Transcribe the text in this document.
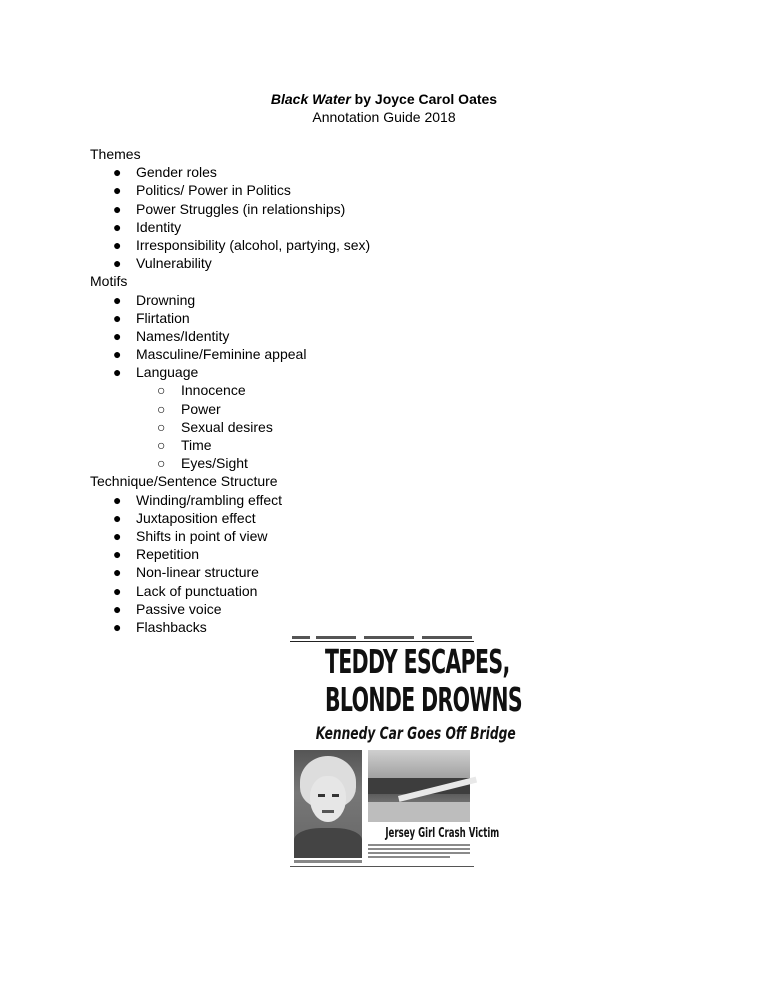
Black Water by Joyce Carol Oates
Annotation Guide 2018
Themes
● Gender roles
● Politics/ Power in Politics
● Power Struggles (in relationships)
● Identity
● Irresponsibility (alcohol, partying, sex)
● Vulnerability
Motifs
● Drowning
● Flirtation
● Names/Identity
● Masculine/Feminine appeal
● Language
○ Innocence
○ Power
○ Sexual desires
○ Time
○ Eyes/Sight
Technique/Sentence Structure
● Winding/rambling effect
● Juxtaposition effect
● Shifts in point of view
● Repetition
● Non-linear structure
● Lack of punctuation
● Passive voice
● Flashbacks
TEDDY ESCAPES,
BLONDE DROWNS
Kennedy Car Goes Off Bridge
Jersey Girl Crash Victim
